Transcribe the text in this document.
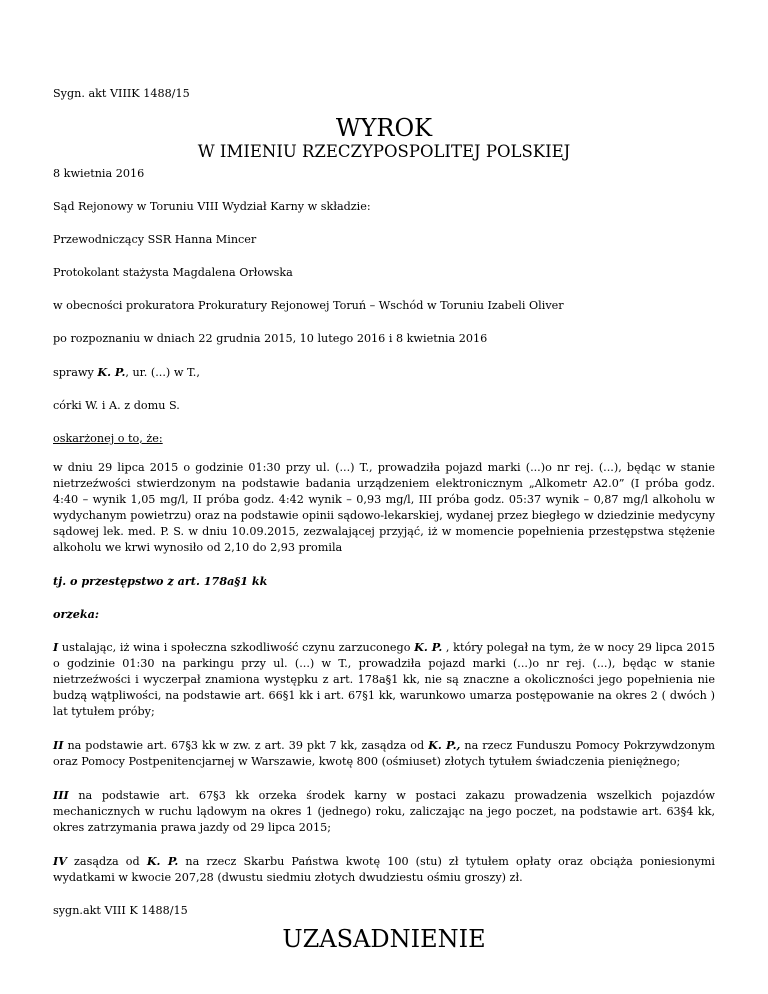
Sygn. akt VIIIK 1488/15

WYROK
W IMIENIU RZECZYPOSPOLITEJ POLSKIEJ

8 kwietnia 2016

Sąd Rejonowy w Toruniu VIII Wydział Karny w składzie:

Przewodniczący SSR Hanna Mincer

Protokolant stażysta Magdalena Orłowska

w obecności prokuratora Prokuratury Rejonowej Toruń – Wschód w Toruniu Izabeli Oliver

po rozpoznaniu w dniach 22 grudnia 2015, 10 lutego 2016 i 8 kwietnia 2016

sprawy K. P., ur. (...) w T.,

córki W. i A. z domu S.

oskarżonej o to, że:

w dniu 29 lipca 2015 o godzinie 01:30 przy ul. (...) T., prowadziła pojazd marki (...)o nr rej. (...), będąc w stanie nietrzeźwości stwierdzonym na podstawie badania urządzeniem elektronicznym „Alkometr A2.0” (I próba godz. 4:40 – wynik 1,05 mg/l, II próba godz. 4:42 wynik – 0,93 mg/l, III próba godz. 05:37 wynik – 0,87 mg/l alkoholu w wydychanym powietrzu) oraz na podstawie opinii sądowo-lekarskiej, wydanej przez biegłego w dziedzinie medycyny sądowej lek. med. P. S. w dniu 10.09.2015, zezwalającej przyjąć, iż w momencie popełnienia przestępstwa stężenie alkoholu we krwi wynosiło od 2,10 do 2,93 promila

tj. o przestępstwo z art. 178a§1 kk

orzeka:

I ustalając, iż wina i społeczna szkodliwość czynu zarzuconego K. P. , który polegał na tym, że w nocy 29 lipca 2015 o godzinie 01:30 na parkingu przy ul. (...) w T., prowadziła pojazd marki (...)o nr rej. (...), będąc w stanie nietrzeźwości i wyczerpał znamiona występku z art. 178a§1 kk, nie są znaczne a okoliczności jego popełnienia nie budzą wątpliwości, na podstawie art. 66§1 kk i art. 67§1 kk, warunkowo umarza postępowanie na okres 2 ( dwóch ) lat tytułem próby;

II na podstawie art. 67§3 kk w zw. z art. 39 pkt 7 kk, zasądza od K. P., na rzecz Funduszu Pomocy Pokrzywdzonym oraz Pomocy Postpenitencjarnej w Warszawie, kwotę 800 (ośmiuset) złotych tytułem świadczenia pieniężnego;

III na podstawie art. 67§3 kk orzeka środek karny w postaci zakazu prowadzenia wszelkich pojazdów mechanicznych w ruchu lądowym na okres 1 (jednego) roku, zaliczając na jego poczet, na podstawie art. 63§4 kk, okres zatrzymania prawa jazdy od 29 lipca 2015;

IV zasądza od K. P. na rzecz Skarbu Państwa kwotę 100 (stu) zł tytułem opłaty oraz obciąża poniesionymi wydatkami w kwocie 207,28 (dwustu siedmiu złotych dwudziestu ośmiu groszy) zł.

sygn.akt VIII K 1488/15

UZASADNIENIE
